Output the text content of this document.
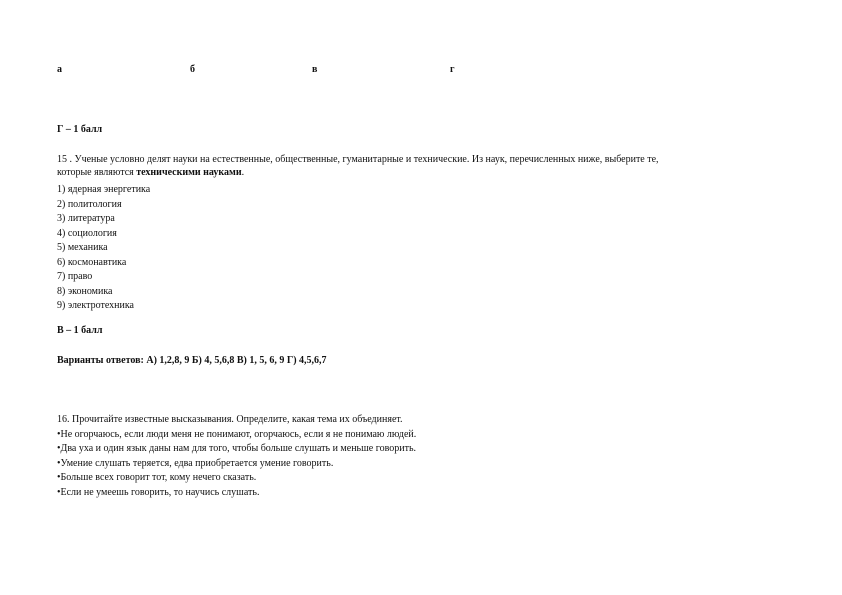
а	б	в	г
Г – 1 балл
15 . Ученые условно делят науки на естественные, общественные, гуманитарные и технические. Из наук, перечисленных ниже, выберите те,
которые являются техническими науками.
1) ядерная энергетика
2) политология
3) литература
4) социология
5) механика
6) космонавтика
7) право
8) экономика
9) электротехника
В – 1 балл
Варианты ответов: А) 1,2,8, 9 Б) 4, 5,6,8 В) 1, 5, 6, 9 Г) 4,5,6,7
16. Прочитайте известные высказывания. Определите, какая тема их объединяет.
•Не огорчаюсь, если люди меня не понимают, огорчаюсь, если я не понимаю людей.
•Два уха и один язык даны нам для того, чтобы больше слушать и меньше говорить.
•Умение слушать теряется, едва приобретается умение говорить.
•Больше всех говорит тот, кому нечего сказать.
•Если не умеешь говорить, то научись слушать.
